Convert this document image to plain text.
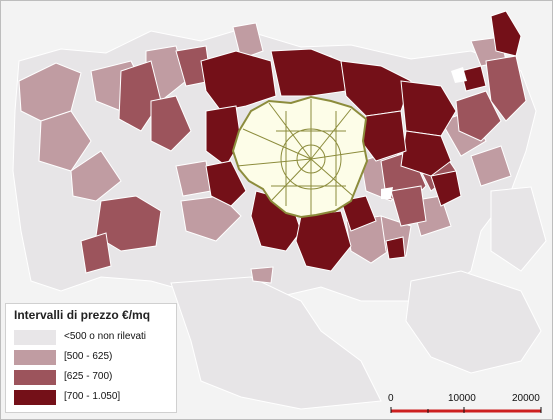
Intervalli di prezzo €/mq
<500 o non rilevati
[500 - 625)
[625 - 700)
[700 - 1.050]	0	10000	20000
